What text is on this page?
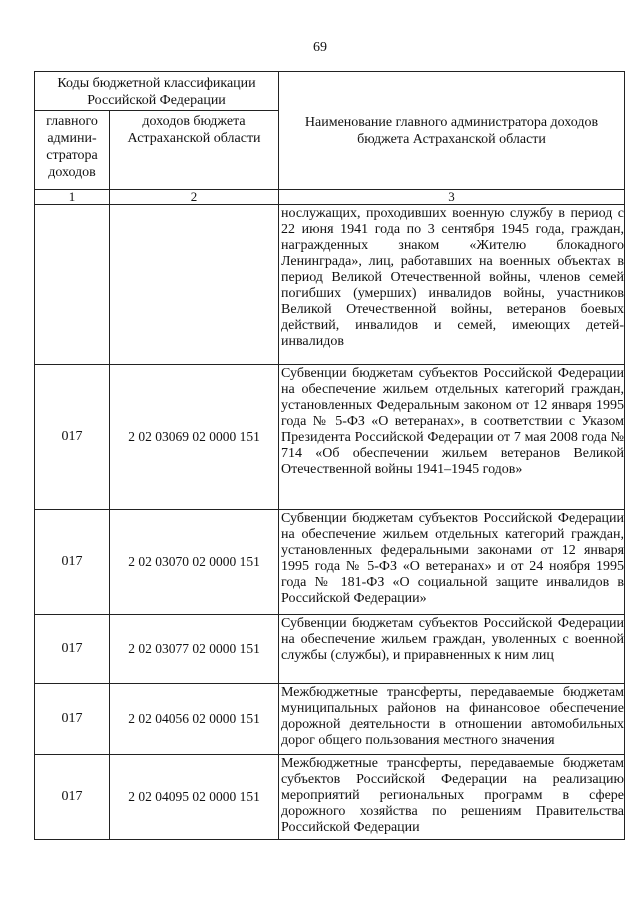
69
Коды бюджетной классификации Российской Федерации		Наименование главного администратора доходов бюджета Астраханской области
главного админи-стратора доходов	доходов бюджета Астраханской области	
1	2	3
		нослужащих, проходивших военную службу в период с 22 июня 1941 года по 3 сентября 1945 года, граждан, награжденных знаком «Жителю блокадного Ленинграда», лиц, работавших на военных объектах в период Великой Отечественной войны, членов семей погибших (умерших) инвалидов войны, участников Великой Отечественной войны, ветеранов боевых действий, инвалидов и семей, имеющих детей-инвалидов
017	2 02 03069 02 0000 151	Субвенции бюджетам субъектов Российской Федерации на обеспечение жильем отдельных категорий граждан, установленных Федеральным законом от 12 января 1995 года № 5-ФЗ «О ветеранах», в соответствии с Указом Президента Российской Федерации от 7 мая 2008 года № 714 «Об обеспечении жильем ветеранов Великой Отечественной войны 1941–1945 годов»
017	2 02 03070 02 0000 151	Субвенции бюджетам субъектов Российской Федерации на обеспечение жильем отдельных категорий граждан, установленных федеральными законами от 12 января 1995 года № 5-ФЗ «О ветеранах» и от 24 ноября 1995 года № 181-ФЗ «О социальной защите инвалидов в Российской Федерации»
017	2 02 03077 02 0000 151	Субвенции бюджетам субъектов Российской Федерации на обеспечение жильем граждан, уволенных с военной службы (службы), и приравненных к ним лиц
017	2 02 04056 02 0000 151	Межбюджетные трансферты, передаваемые бюджетам муниципальных районов на финансовое обеспечение дорожной деятельности в отношении автомобильных дорог общего пользования местного значения
017	2 02 04095 02 0000 151	Межбюджетные трансферты, передаваемые бюджетам субъектов Российской Федерации на реализацию мероприятий региональных программ в сфере дорожного хозяйства по решениям Правительства Российской Федерации
